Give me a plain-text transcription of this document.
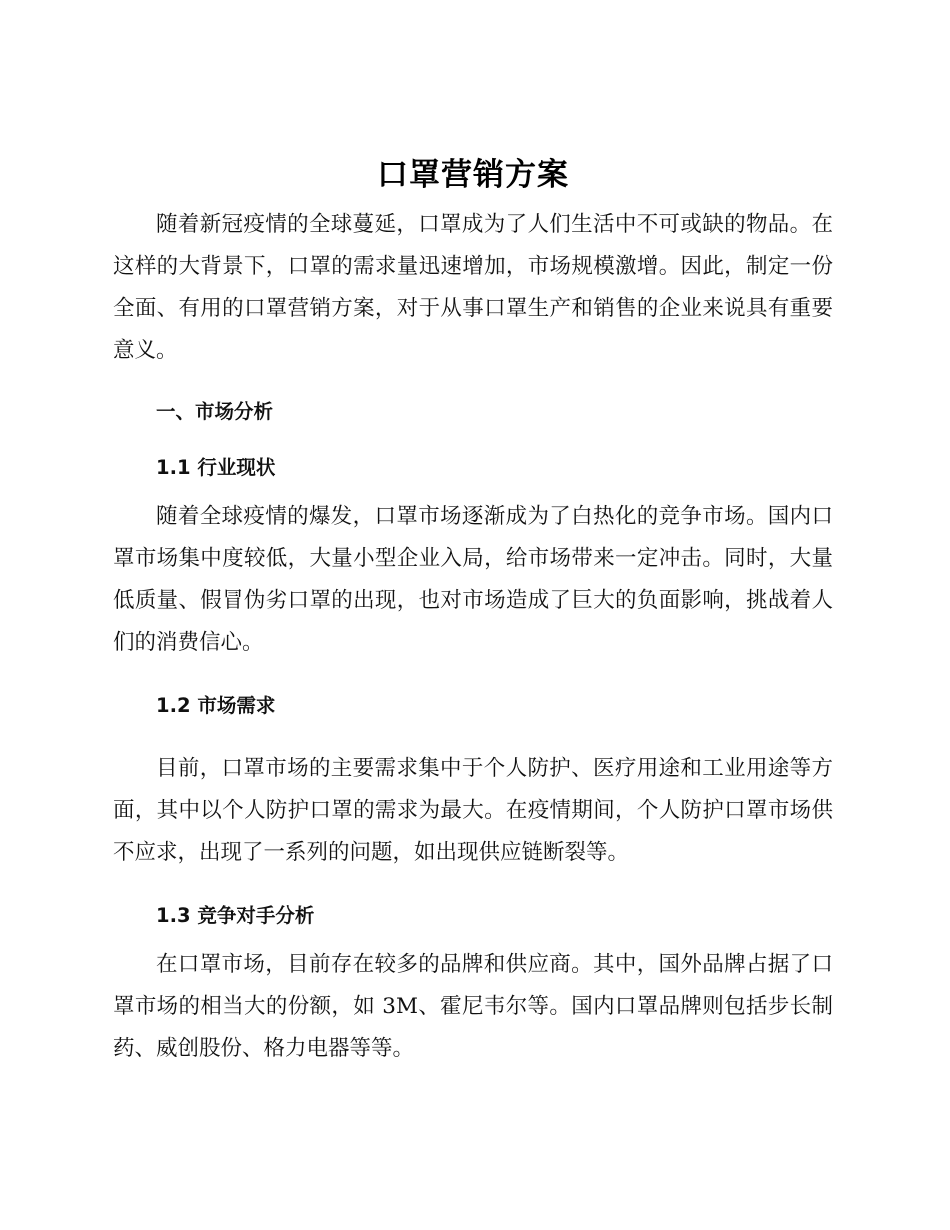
口罩营销方案

随着新冠疫情的全球蔓延，口罩成为了人们生活中不可或缺的物品。在这样的大背景下，口罩的需求量迅速增加，市场规模激增。因此，制定一份全面、有用的口罩营销方案，对于从事口罩生产和销售的企业来说具有重要意义。

一、市场分析
1.1 行业现状

随着全球疫情的爆发，口罩市场逐渐成为了白热化的竞争市场。国内口罩市场集中度较低，大量小型企业入局，给市场带来一定冲击。同时，大量低质量、假冒伪劣口罩的出现，也对市场造成了巨大的负面影响，挑战着人们的消费信心。

1.2 市场需求

目前，口罩市场的主要需求集中于个人防护、医疗用途和工业用途等方面，其中以个人防护口罩的需求为最大。在疫情期间，个人防护口罩市场供不应求，出现了一系列的问题，如出现供应链断裂等。

1.3 竞争对手分析

在口罩市场，目前存在较多的品牌和供应商。其中，国外品牌占据了口罩市场的相当大的份额，如 3M、霍尼韦尔等。国内口罩品牌则包括步长制药、威创股份、格力电器等等。
